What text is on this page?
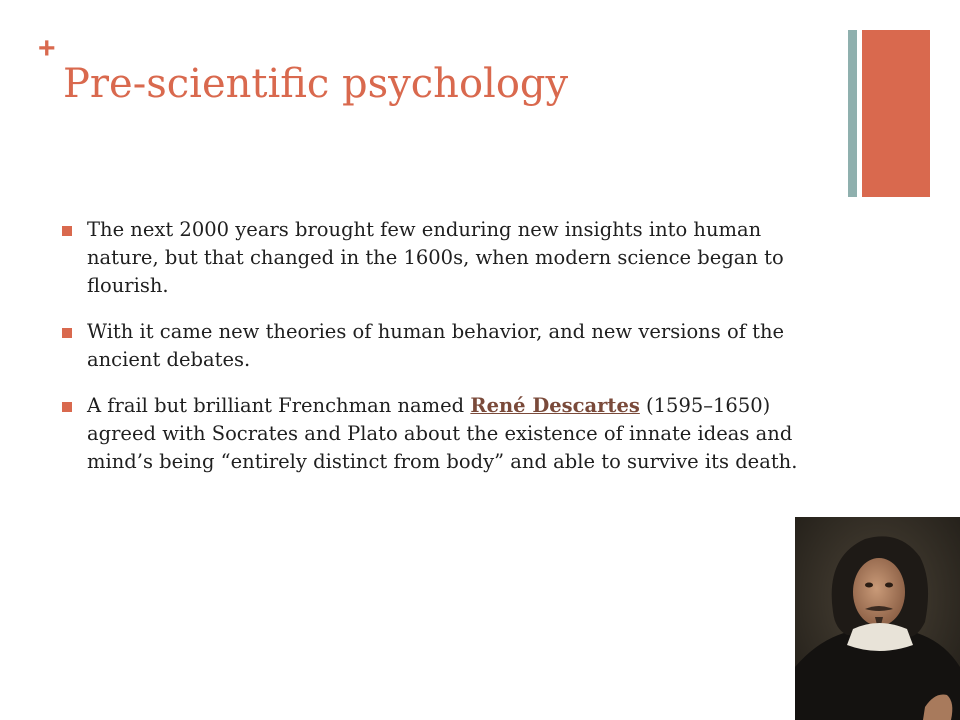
+
Pre-scientific psychology
The next 2000 years brought few enduring new insights into human nature, but that changed in the 1600s, when modern science began to flourish.
With it came new theories of human behavior, and new versions of the ancient debates.
A frail but brilliant Frenchman named René Descartes (1595–1650) agreed with Socrates and Plato about the existence of innate ideas and mind’s being “entirely distinct from body” and able to survive its death.
